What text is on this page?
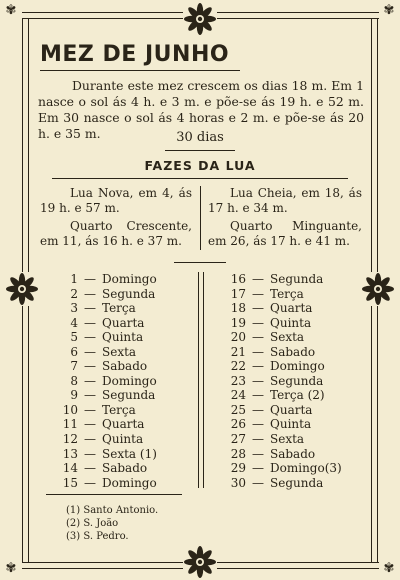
✾	✾
✾	✾
MEZ DE JUNHO
Durante este mez crescem os dias 18 m. Em 1 nasce o sol ás 4 h. e 3 m. e põe-se ás 19 h. e 52 m. Em 30 nasce o sol ás 4 horas e 2 m. e põe-se ás 20 h. e 35 m.	30 dias
FAZES DA LUA
Lua Nova, em 4, ás 19 h. e 57 m.
Lua Cheia, em 18, ás 17 h. e 34 m.
Quarto Crescente, em 11, ás 16 h. e 37 m.
Quarto Minguante, em 26, ás 17 h. e 41 m.
1 — Domingo
2 — Segunda
3 — Terça
4 — Quarta
5 — Quinta
6 — Sexta
7 — Sabado
8 — Domingo
9 — Segunda
10 — Terça
11 — Quarta
12 — Quinta
13 — Sexta (1)
14 — Sabado
15 — Domingo
16 — Segunda
17 — Terça
18 — Quarta
19 — Quinta
20 — Sexta
21 — Sabado
22 — Domingo
23 — Segunda
24 — Terça (2)
25 — Quarta
26 — Quinta
27 — Sexta
28 — Sabado
29 — Domingo(3)
30 — Segunda
(1) Santo Antonio.
(2) S. João
(3) S. Pedro.
